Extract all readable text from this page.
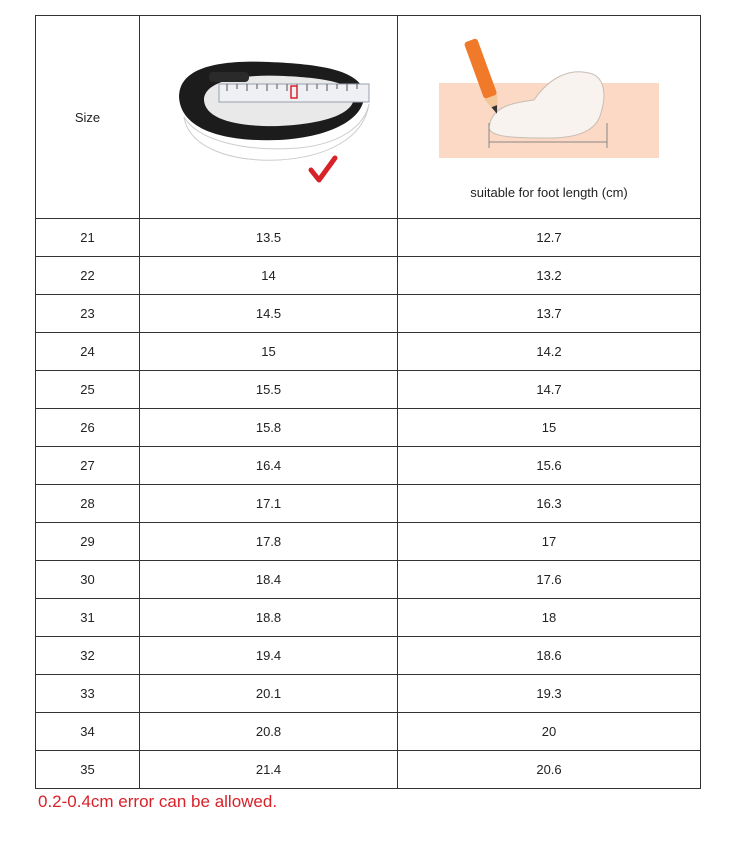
Size		suitable for foot length (cm)

21	13.5	12.7
22	14	13.2
23	14.5	13.7
24	15	14.2
25	15.5	14.7
26	15.8	15
27	16.4	15.6
28	17.1	16.3
29	17.8	17
30	18.4	17.6
31	18.8	18
32	19.4	18.6
33	20.1	19.3
34	20.8	20
35	21.4	20.6
0.2-0.4cm error can be allowed.
